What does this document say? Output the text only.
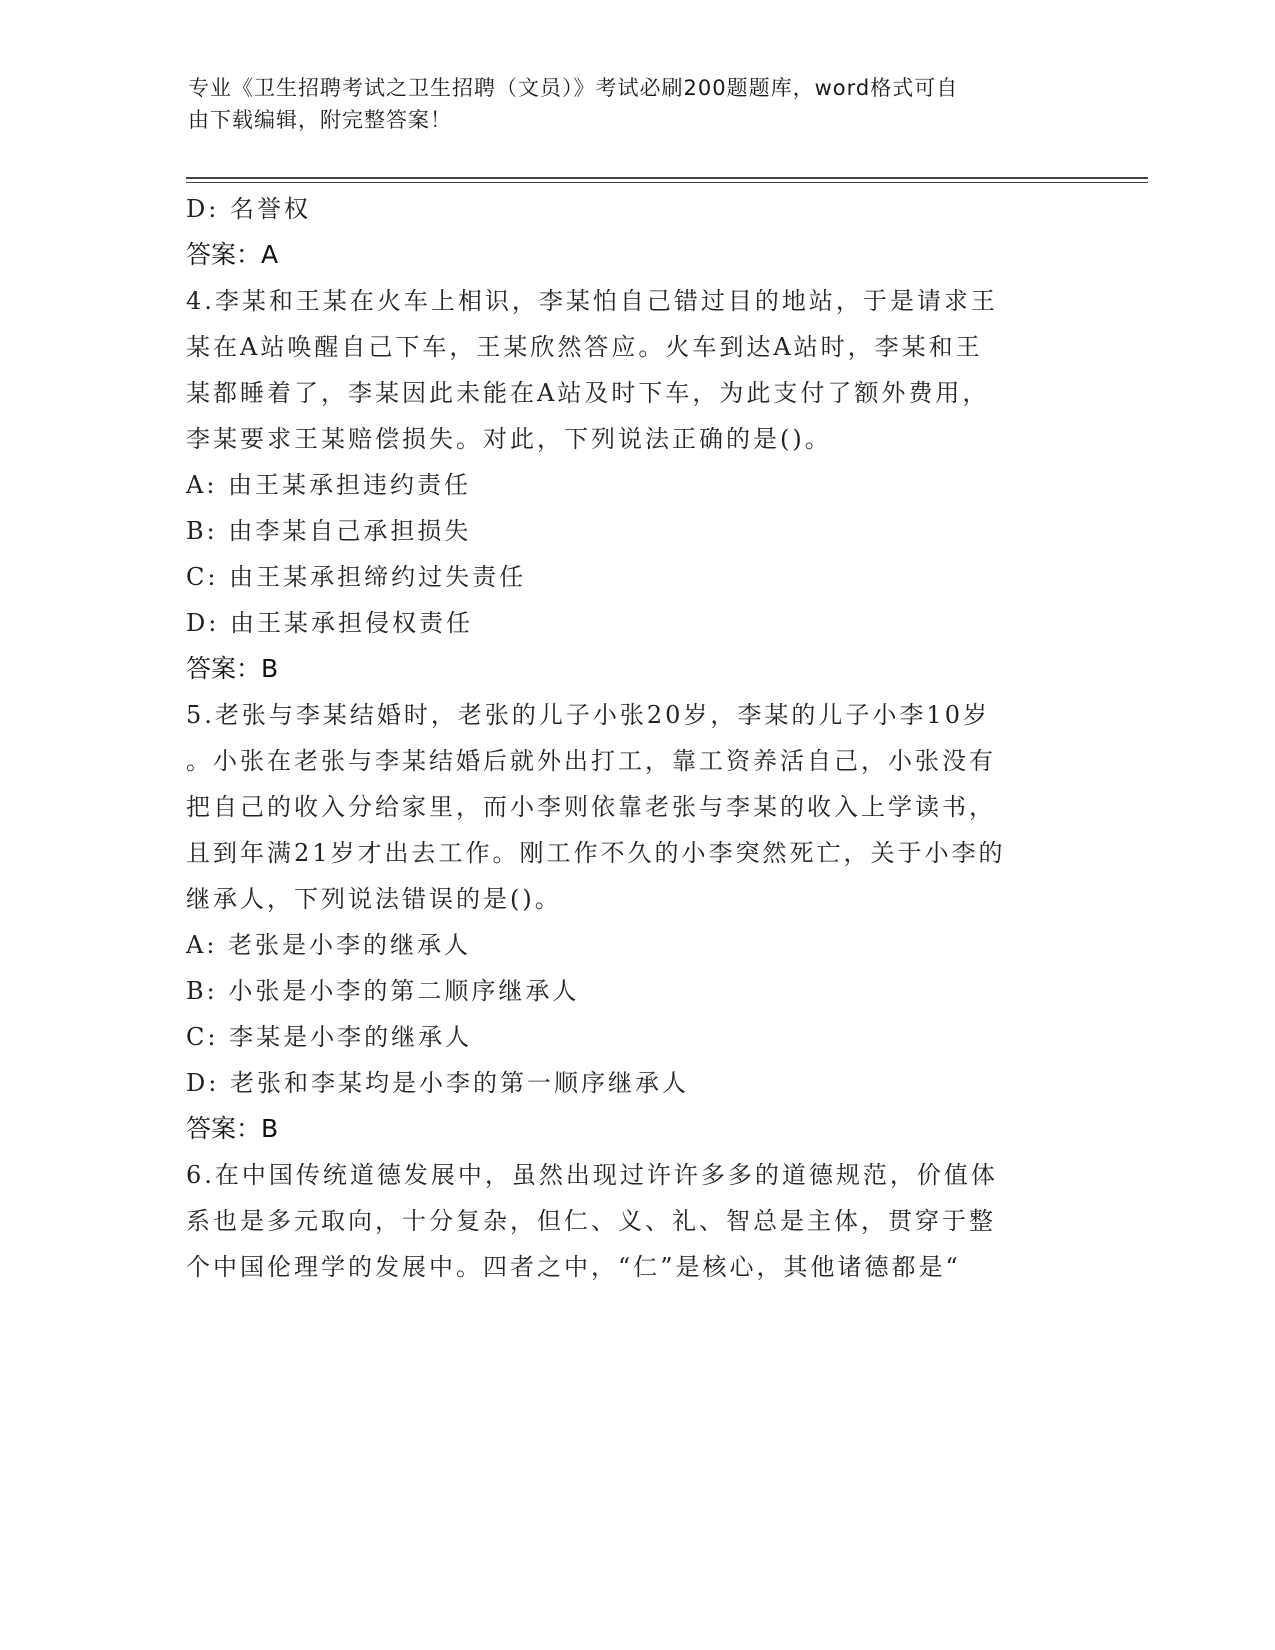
专业《卫生招聘考试之卫生招聘（文员）》考试必刷200题题库，word格式可自
由下载编辑，附完整答案！
D: 名誉权
答案：A
4.李某和王某在火车上相识，李某怕自己错过目的地站，于是请求王
某在A站唤醒自己下车，王某欣然答应。火车到达A站时，李某和王
某都睡着了，李某因此未能在A站及时下车，为此支付了额外费用，
李某要求王某赔偿损失。对此，下列说法正确的是()。
A: 由王某承担违约责任
B: 由李某自己承担损失
C: 由王某承担缔约过失责任
D: 由王某承担侵权责任
答案：B
5.老张与李某结婚时，老张的儿子小张20岁，李某的儿子小李10岁
。小张在老张与李某结婚后就外出打工，靠工资养活自己，小张没有
把自己的收入分给家里，而小李则依靠老张与李某的收入上学读书，
且到年满21岁才出去工作。刚工作不久的小李突然死亡，关于小李的
继承人，下列说法错误的是()。
A: 老张是小李的继承人
B: 小张是小李的第二顺序继承人
C: 李某是小李的继承人
D: 老张和李某均是小李的第一顺序继承人
答案：B
6.在中国传统道德发展中，虽然出现过许许多多的道德规范，价值体
系也是多元取向，十分复杂，但仁、义、礼、智总是主体，贯穿于整
个中国伦理学的发展中。四者之中，“仁”是核心，其他诸德都是“
